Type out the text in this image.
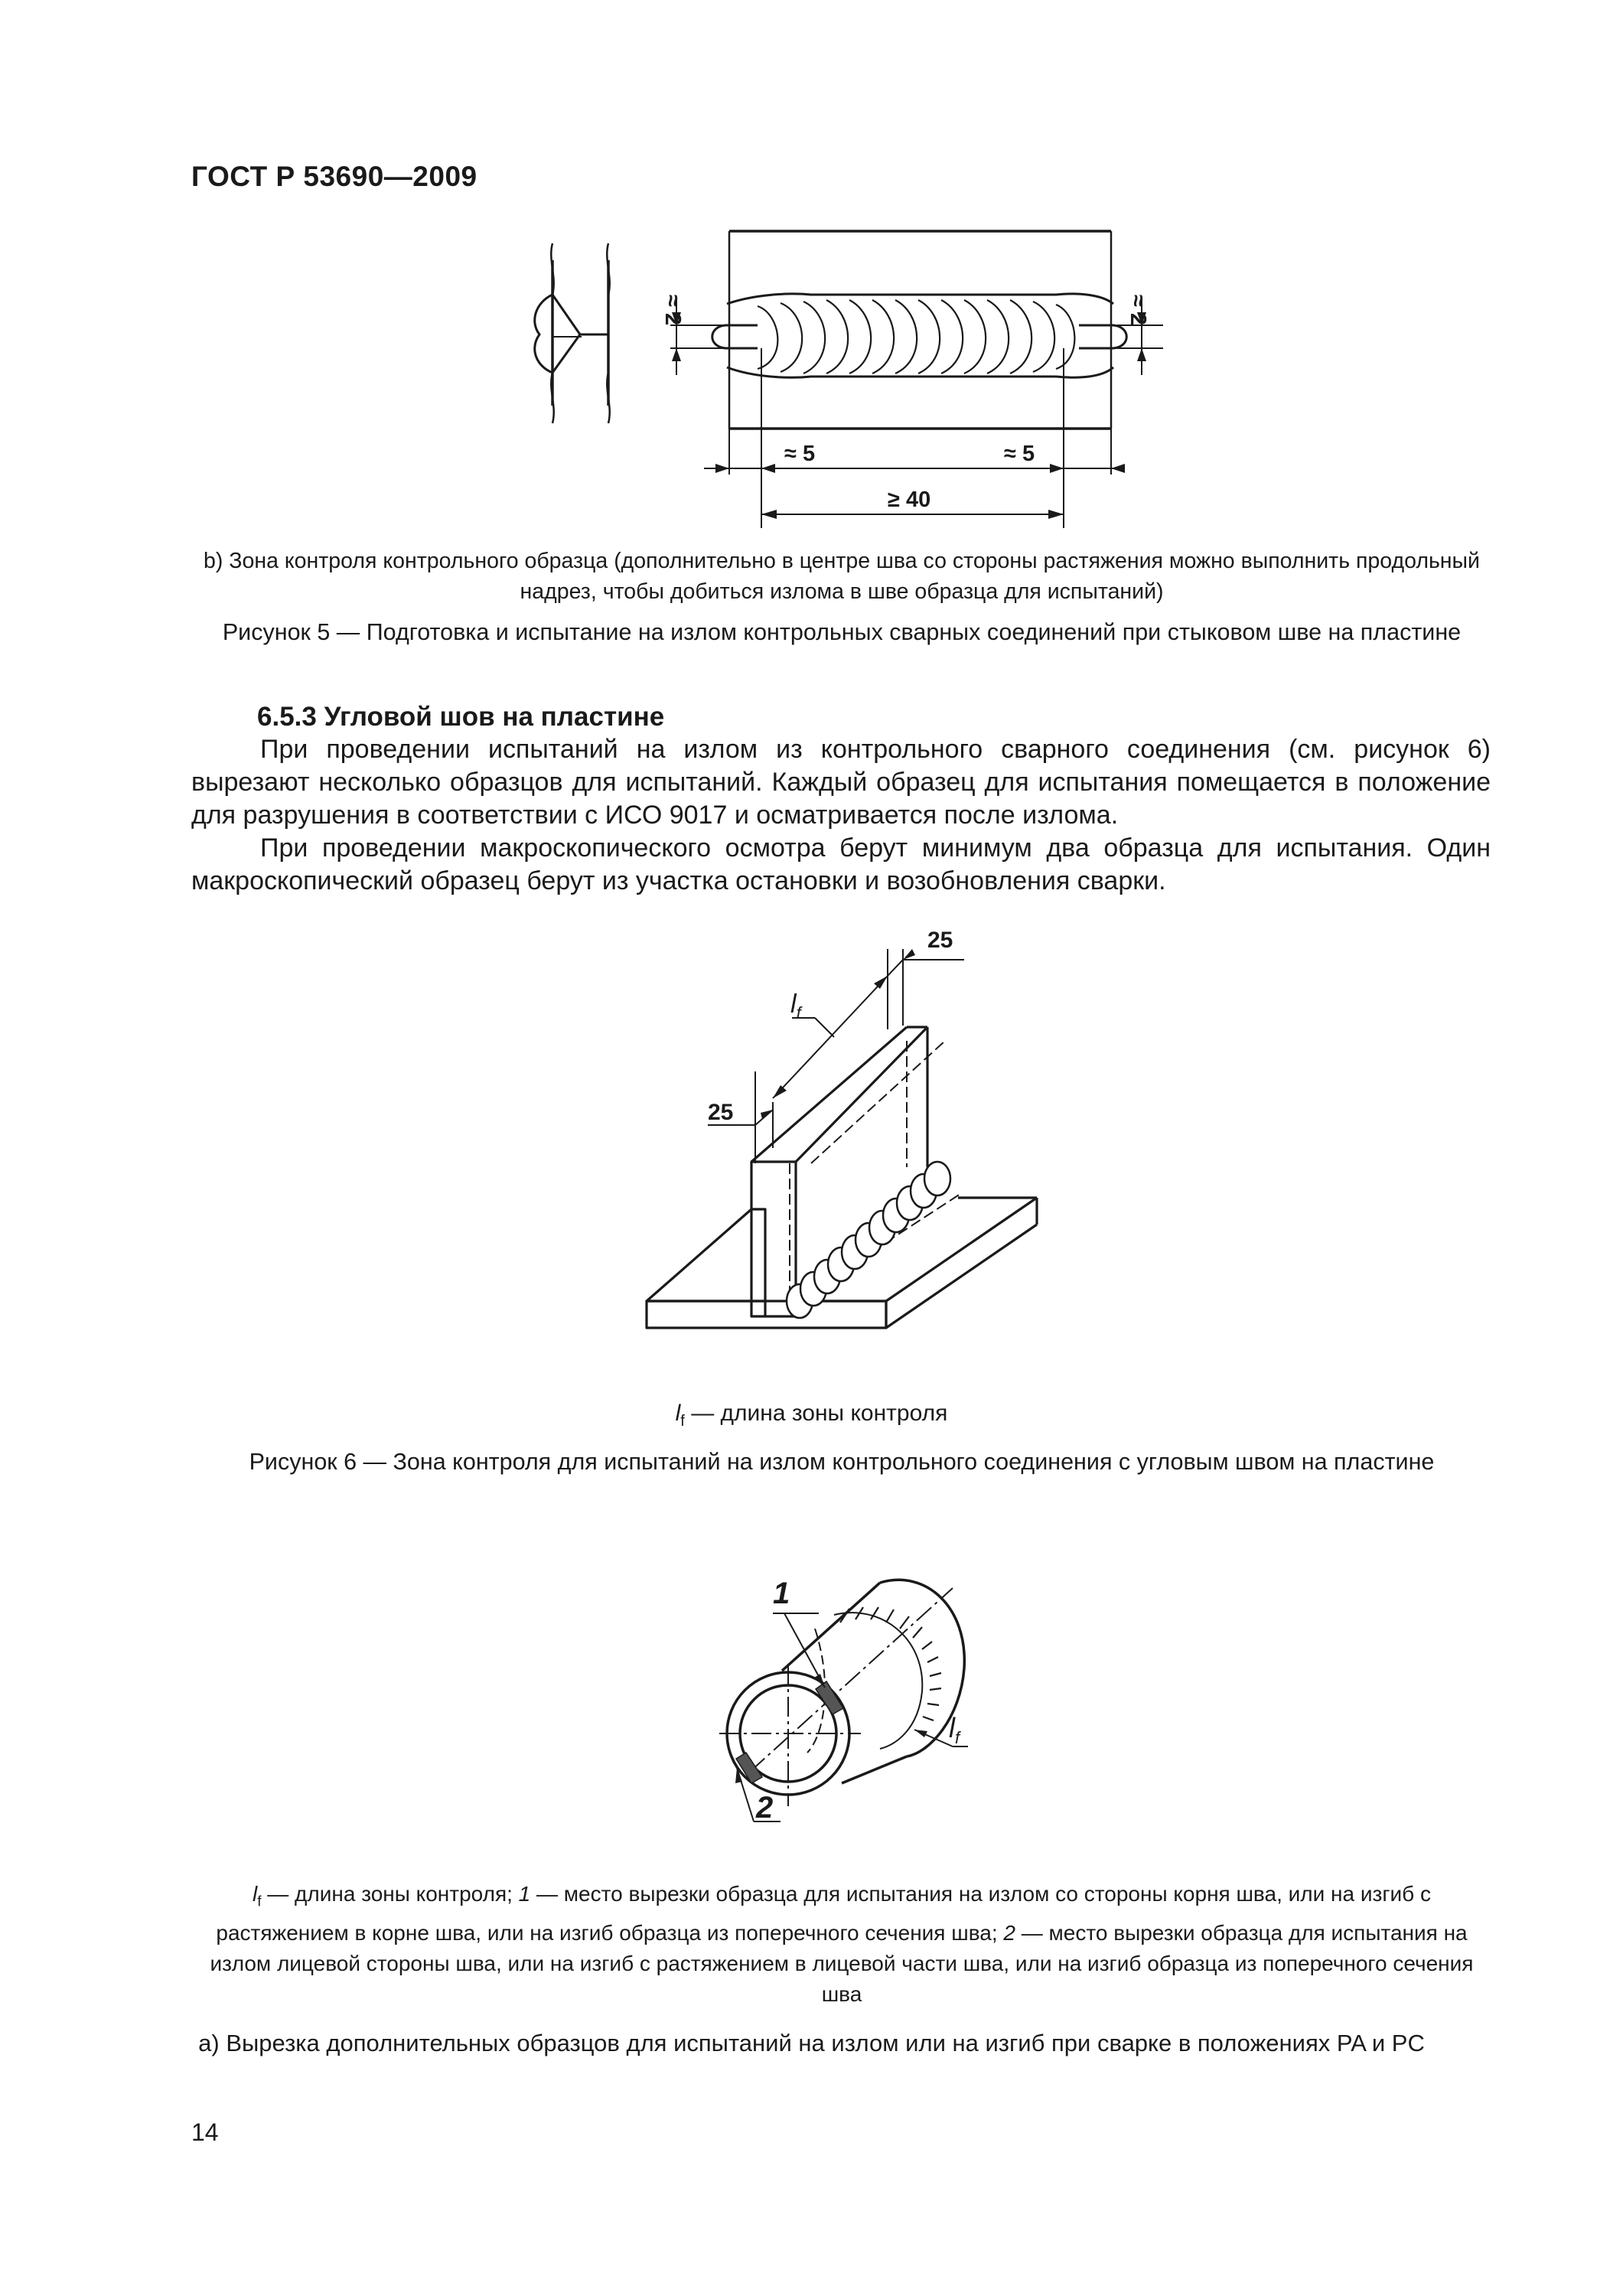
ГОСТ Р 53690—2009
≈ 2	≈ 2
≈ 5	≈ 5
≥ 40
b) Зона контроля контрольного образца (дополнительно в центре шва со стороны растяжения можно выполнить продольный надрез, чтобы добиться излома в шве образца для испытаний)
Рисунок 5 — Подготовка и испытание на излом контрольных сварных соединений при стыковом шве на пластине
6.5.3 Угловой шов на пластине

При проведении испытаний на излом из контрольного сварного соединения (см. рисунок 6) вырезают несколько образцов для испытаний. Каждый образец для испытания помещается в положение для разрушения в соответствии с ИСО 9017 и осматривается после излома.

При проведении макроскопического осмотра берут минимум два образца для испытания. Один макроскопический образец берут из участка остановки и возобновления сварки.

25
25
$l_f$
$l_f$ — длина зоны контроля
Рисунок 6 — Зона контроля для испытаний на излом контрольного соединения с угловым швом на пластине
1
2
$l_f$
$l_f$ — длина зоны контроля; 1 — место вырезки образца для испытания на излом со стороны корня шва, или на изгиб с растяжением в корне шва, или на изгиб образца из поперечного сечения шва; 2 — место вырезки образца для испытания на излом лицевой стороны шва, или на изгиб с растяжением в лицевой части шва, или на изгиб образца из поперечного сечения шва
a) Вырезка дополнительных образцов для испытаний на излом или на изгиб при сварке в положениях PA и PC
14
